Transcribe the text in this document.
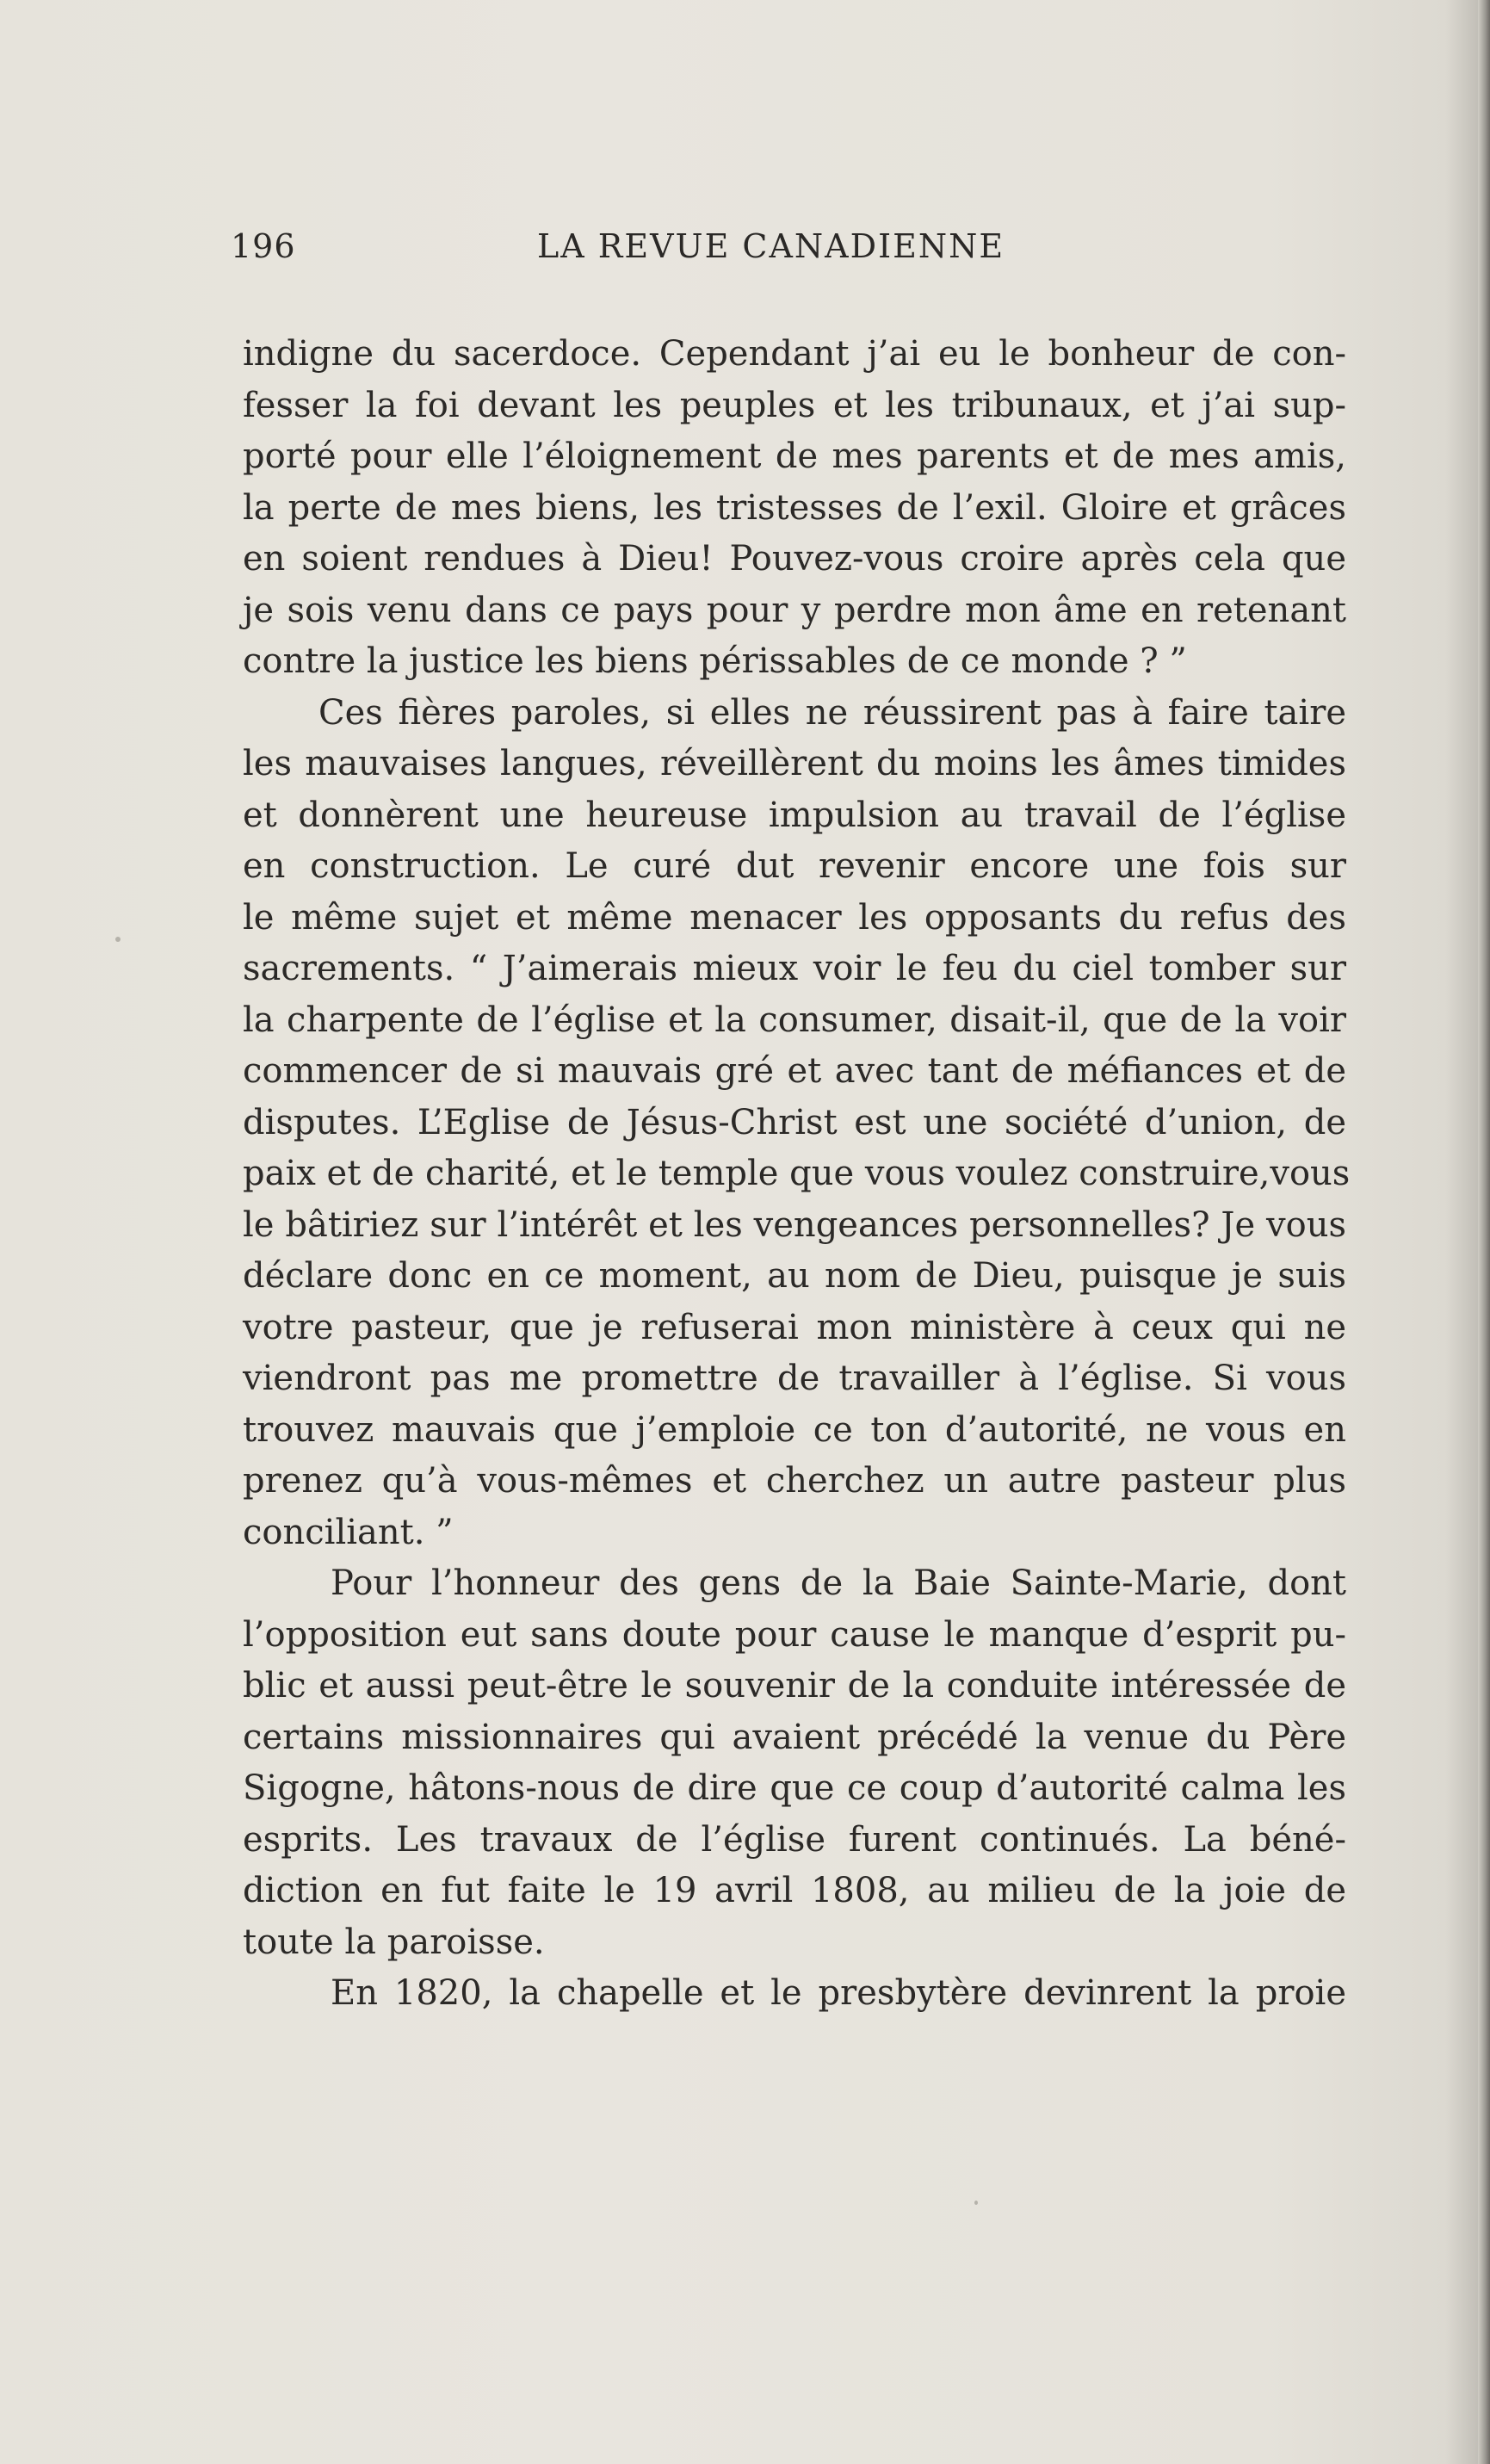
196	LA REVUE CANADIENNE
indigne du sacerdoce. Cependant j’ai eu le bonheur de con-
fesser la foi devant les peuples et les tribunaux, et j’ai sup-
porté pour elle l’éloignement de mes parents et de mes amis,
la perte de mes biens, les tristesses de l’exil. Gloire et grâces
en soient rendues à Dieu! Pouvez-vous croire après cela que
je sois venu dans ce pays pour y perdre mon âme en retenant
contre la justice les biens périssables de ce monde ? ”
Ces fières paroles, si elles ne réussirent pas à faire taire
les mauvaises langues, réveillèrent du moins les âmes timides
et donnèrent une heureuse impulsion au travail de l’église
en construction. Le curé dut revenir encore une fois sur
le même sujet et même menacer les opposants du refus des
sacrements. “ J’aimerais mieux voir le feu du ciel tomber sur
la charpente de l’église et la consumer, disait-il, que de la voir
commencer de si mauvais gré et avec tant de méfiances et de
disputes. L’Eglise de Jésus-Christ est une société d’union, de
paix et de charité, et le temple que vous voulez construire,vous
le bâtiriez sur l’intérêt et les vengeances personnelles? Je vous
déclare donc en ce moment, au nom de Dieu, puisque je suis
votre pasteur, que je refuserai mon ministère à ceux qui ne
viendront pas me promettre de travailler à l’église. Si vous
trouvez mauvais que j’emploie ce ton d’autorité, ne vous en
prenez qu’à vous-mêmes et cherchez un autre pasteur plus
conciliant. ”
Pour l’honneur des gens de la Baie Sainte-Marie, dont
l’opposition eut sans doute pour cause le manque d’esprit pu-
blic et aussi peut-être le souvenir de la conduite intéressée de
certains missionnaires qui avaient précédé la venue du Père
Sigogne, hâtons-nous de dire que ce coup d’autorité calma les
esprits. Les travaux de l’église furent continués. La béné-
diction en fut faite le 19 avril 1808, au milieu de la joie de
toute la paroisse.
En 1820, la chapelle et le presbytère devinrent la proie
